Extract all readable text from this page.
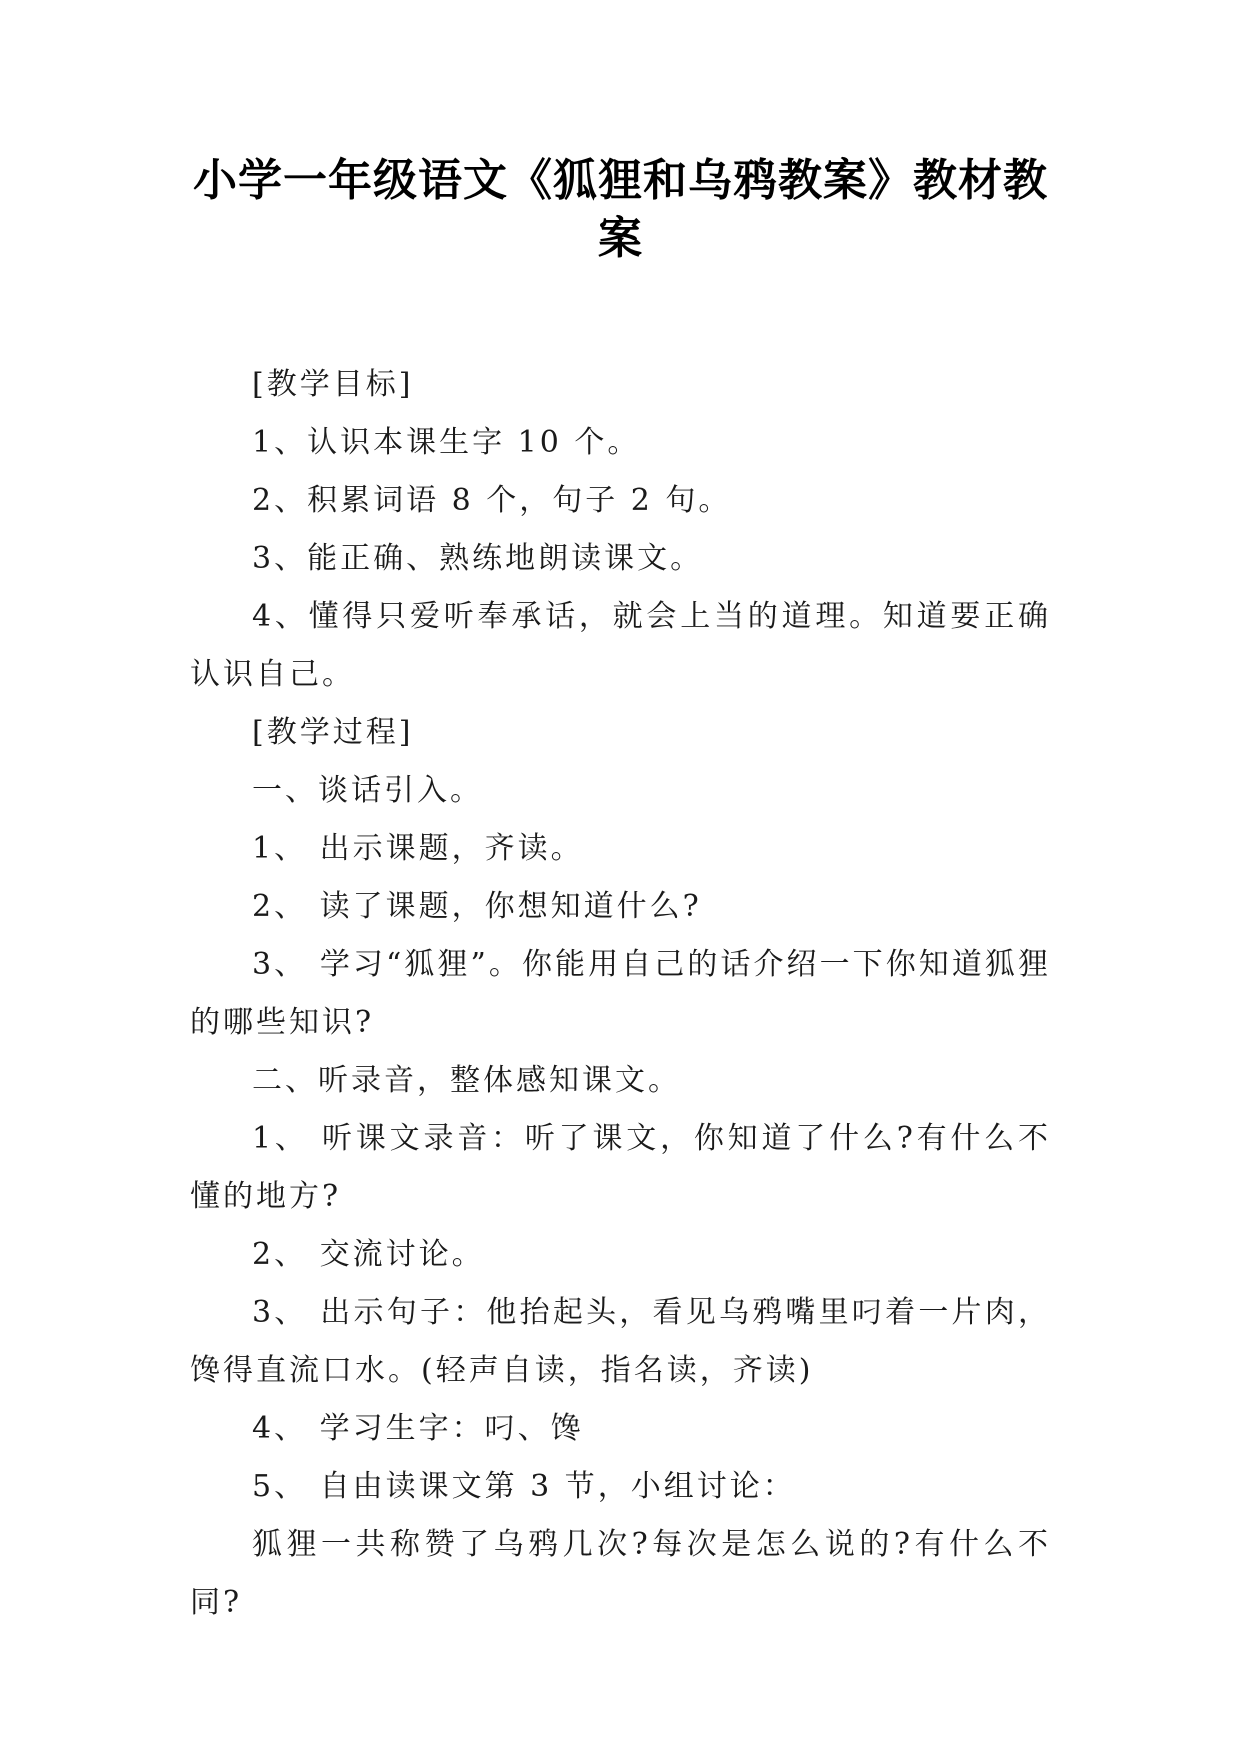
小学一年级语文《狐狸和乌鸦教案》教材教案

[教学目标]

1、认识本课生字 10 个。

2、积累词语 8 个，句子 2 句。

3、能正确、熟练地朗读课文。

4、懂得只爱听奉承话，就会上当的道理。知道要正确认识自己。

[教学过程]

一、谈话引入。

1、 出示课题，齐读。

2、 读了课题，你想知道什么?

3、 学习“狐狸”。你能用自己的话介绍一下你知道狐狸的哪些知识?

二、听录音，整体感知课文。

1、 听课文录音：听了课文，你知道了什么?有什么不懂的地方?

2、 交流讨论。

3、 出示句子：他抬起头，看见乌鸦嘴里叼着一片肉，馋得直流口水。(轻声自读，指名读，齐读)

4、 学习生字：叼、馋

5、 自由读课文第 3 节，小组讨论：

狐狸一共称赞了乌鸦几次?每次是怎么说的?有什么不同?
